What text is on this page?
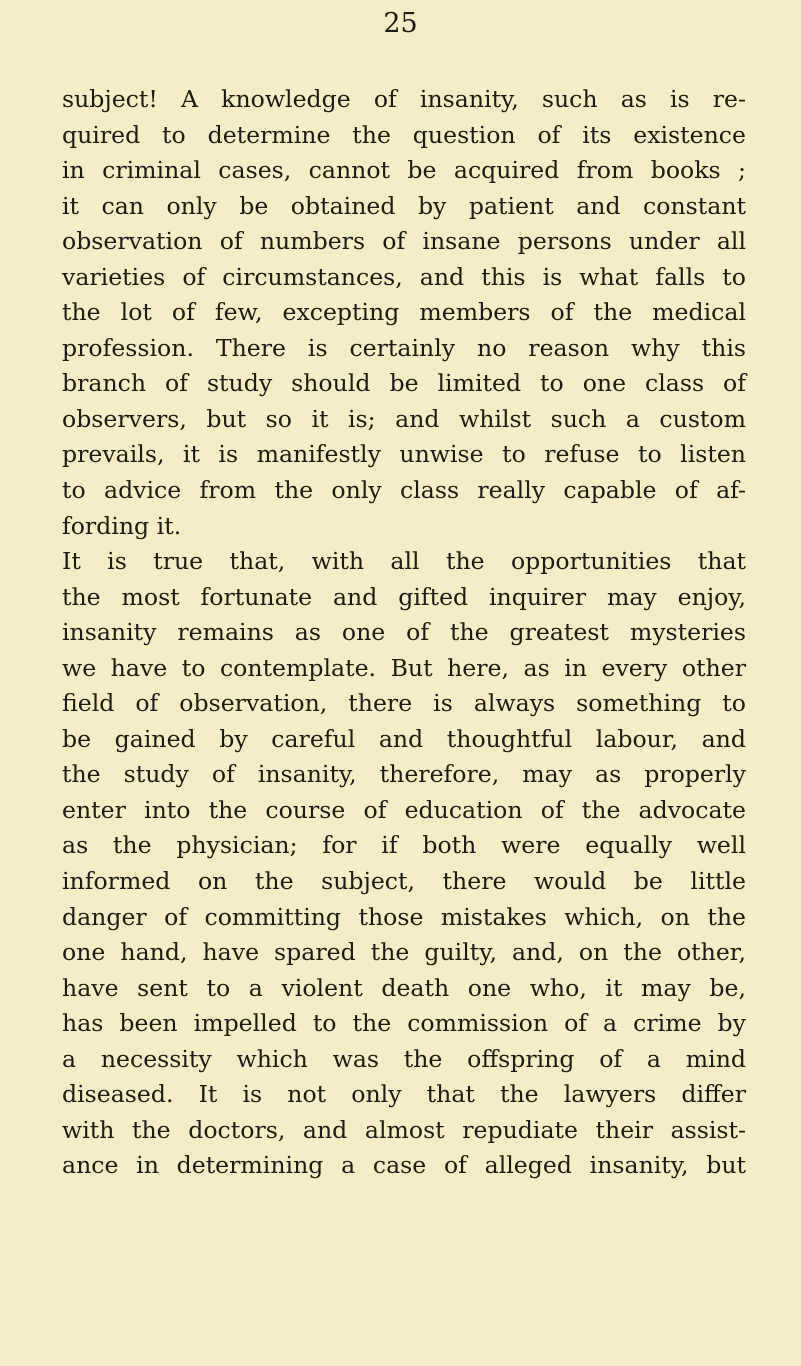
25
subject! A knowledge of insanity, such as is re-
quired to determine the question of its existence
in criminal cases, cannot be acquired from books ;
it can only be obtained by patient and constant
observation of numbers of insane persons under all
varieties of circumstances, and this is what falls to
the lot of few, excepting members of the medical
profession. There is certainly no reason why this
branch of study should be limited to one class of
observers, but so it is; and whilst such a custom
prevails, it is manifestly unwise to refuse to listen
to advice from the only class really capable of af-
fording it.
It is true that, with all the opportunities that
the most fortunate and gifted inquirer may enjoy,
insanity remains as one of the greatest mysteries
we have to contemplate. But here, as in every other
field of observation, there is always something to
be gained by careful and thoughtful labour, and
the study of insanity, therefore, may as properly
enter into the course of education of the advocate
as the physician; for if both were equally well
informed on the subject, there would be little
danger of committing those mistakes which, on the
one hand, have spared the guilty, and, on the other,
have sent to a violent death one who, it may be,
has been impelled to the commission of a crime by
a necessity which was the offspring of a mind
diseased. It is not only that the lawyers differ
with the doctors, and almost repudiate their assist-
ance in determining a case of alleged insanity, but
